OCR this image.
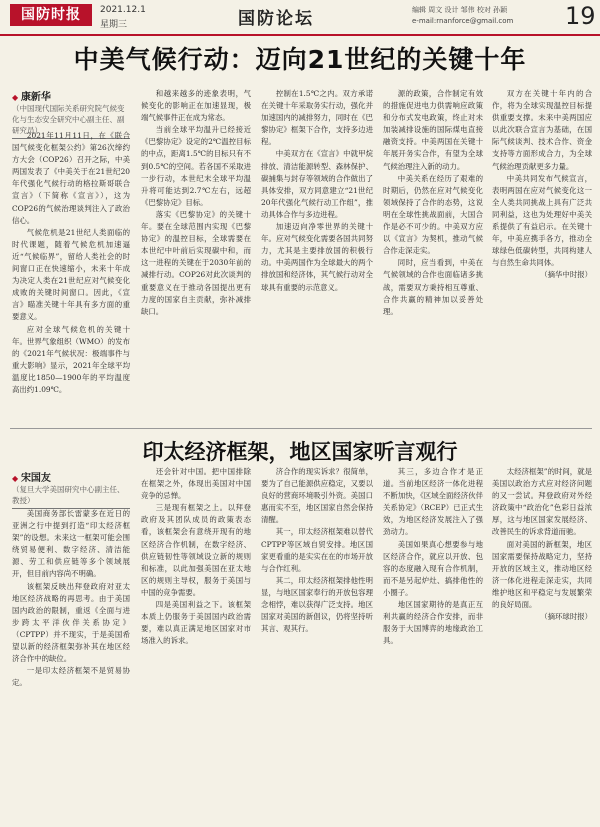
国防时报	2021.12.1
星期三	国防论坛	编辑 周文 设计 邹伟 校对 孙颖
e-mail:rnanforce@gmail.com 19
中美气候行动：迈向21世纪的关键十年
◆ 康新华
（中国现代国际关系研究院气候变化与生态安全研究中心副主任、副研究员）

2021年11月11日，在《联合国气候变化框架公约》第26次缔约方大会（COP26）召开之际，中美两国发表了《中美关于在21世纪20年代强化气候行动的格拉斯哥联合宣言》（下简称《宣言》），这为COP26的气候治理谈判注入了政治信心。

气候危机是21世纪人类面临的时代课题，随着气候危机加速逼近“气候临界”，留给人类社会的时间窗口正在快速缩小，未来十年成为决定人类在21世纪应对气候变化成败的关键时间窗口。因此，《宣言》瞄准关键十年具有多方面的重要意义。

应对全球气候危机的关键十年。世界气象组织（WMO）的发布的《2021年气候状况：极端事件与重大影响》显示，2021年全球平均温度比1850—1900年的平均温度高出约1.09℃。

和越来越多的迹象表明，气候变化的影响正在加速显现，极端气候事件正在成为常态。

当前全球平均温升已经接近《巴黎协定》设定的2℃温控目标的中点，距离1.5℃的目标只有不到0.5℃的空间。若各国不采取进一步行动，本世纪末全球平均温升将可能达到2.7℃左右，远超《巴黎协定》目标。

落实《巴黎协定》的关键十年。要在全球范围内实现《巴黎协定》的温控目标，全球需要在本世纪中叶前后实现碳中和，而这一进程的关键在于2030年前的减排行动。COP26对此次谈判的重要意义在于推动各国提出更有力度的国家自主贡献，弥补减排缺口。

控制在1.5℃之内。双方承诺在关键十年采取务实行动，强化并加速国内的减排努力，同时在《巴黎协定》框架下合作，支持多边进程。

中美双方在《宣言》中就甲烷排放、清洁能源转型、森林保护、碳捕集与封存等领域的合作做出了具体安排，双方同意建立“21世纪20年代强化气候行动工作组”，推动具体合作与多边进程。

加速迈向净零世界的关键十年。应对气候变化需要各国共同努力，尤其是主要排放国的积极行动。中美两国作为全球最大的两个排放国和经济体，其气候行动对全球具有重要的示范意义。

源的政策，合作制定有效的措施促进电力供需响应政策和分布式发电政策，终止对未加装减排设施的国际煤电直接融资支持。中美两国在关键十年展开务实合作，有望为全球气候治理注入新的动力。

中美关系在经历了艰难的时期后，仍然在应对气候变化领域保持了合作的态势，这说明在全球性挑战面前，大国合作是必不可少的。中美双方应以《宣言》为契机，推动气候合作走深走实。

同时，应当看到，中美在气候领域的合作也面临诸多挑战，需要双方秉持相互尊重、合作共赢的精神加以妥善处理。

双方在关键十年内的合作，将为全球实现温控目标提供重要支撑。未来中美两国应以此次联合宣言为基础，在国际气候谈判、技术合作、资金支持等方面形成合力，为全球气候治理贡献更多力量。

中美共同发布气候宣言，表明两国在应对气候变化这一全人类共同挑战上具有广泛共同利益，这也为处理好中美关系提供了有益启示。在关键十年，中美应携手各方，推动全球绿色低碳转型，共同构建人与自然生命共同体。

（摘华中时报）

印太经济框架，地区国家听言观行
◆ 宋国友
（复旦大学美国研究中心副主任、教授）

美国商务部长雷蒙多在近日的亚洲之行中提到打造“印太经济框架”的设想。未来这一框架可能会围绕贸易便利、数字经济、清洁能源、劳工和供应链等多个领域展开，但目前内容尚不明确。

该框架反映出拜登政府对亚太地区经济战略的再思考。由于美国国内政治的限制，重返《全面与进步跨太平洋伙伴关系协定》（CPTPP）并不现实，于是美国希望以新的经济框架弥补其在地区经济合作中的缺位。

一是印太经济框架不是贸易协定。

还会针对中国。把中国排除在框架之外，体现出美国对中国竞争的忌惮。

三是现有框架之上。以拜登政府及其团队成员的政策表态看，该框架会有意绕开现有的地区经济合作机制，在数字经济、供应链韧性等领域设立新的规则和标准，以此加强美国在亚太地区的规则主导权，服务于美国与中国的竞争需要。

四是美国利益之下。该框架本质上仍服务于美国国内政治需要，难以真正满足地区国家对市场准入的诉求。

济合作的现实诉求？很简单，要为了自己能源供应稳定，又要以良好的营商环境吸引外资。美国口惠而实不至，地区国家自然会保持清醒。

其一，印太经济框架难以替代CPTPP等区域自贸安排。地区国家更看重的是实实在在的市场开放与合作红利。

其二，印太经济框架排他性明显，与地区国家奉行的开放包容理念相悖，难以获得广泛支持。地区国家对美国的新倡议，仍将坚持听其言、观其行。

其三，多边合作才是正道。当前地区经济一体化进程不断加快，《区域全面经济伙伴关系协定》（RCEP）已正式生效，为地区经济发展注入了强劲动力。

美国如果真心想要参与地区经济合作，就应以开放、包容的态度融入现有合作机制，而不是另起炉灶、搞排他性的小圈子。

地区国家期待的是真正互利共赢的经济合作安排，而非服务于大国博弈的地缘政治工具。

太经济框架”的时间，就是美国以政治方式应对经济问题的又一尝试。拜登政府对外经济政策中“政治化”色彩日益浓厚，这与地区国家发展经济、改善民生的诉求背道而驰。

面对美国的新框架，地区国家需要保持战略定力，坚持开放的区域主义，推动地区经济一体化进程走深走实，共同维护地区和平稳定与发展繁荣的良好局面。

（摘环球时报）
